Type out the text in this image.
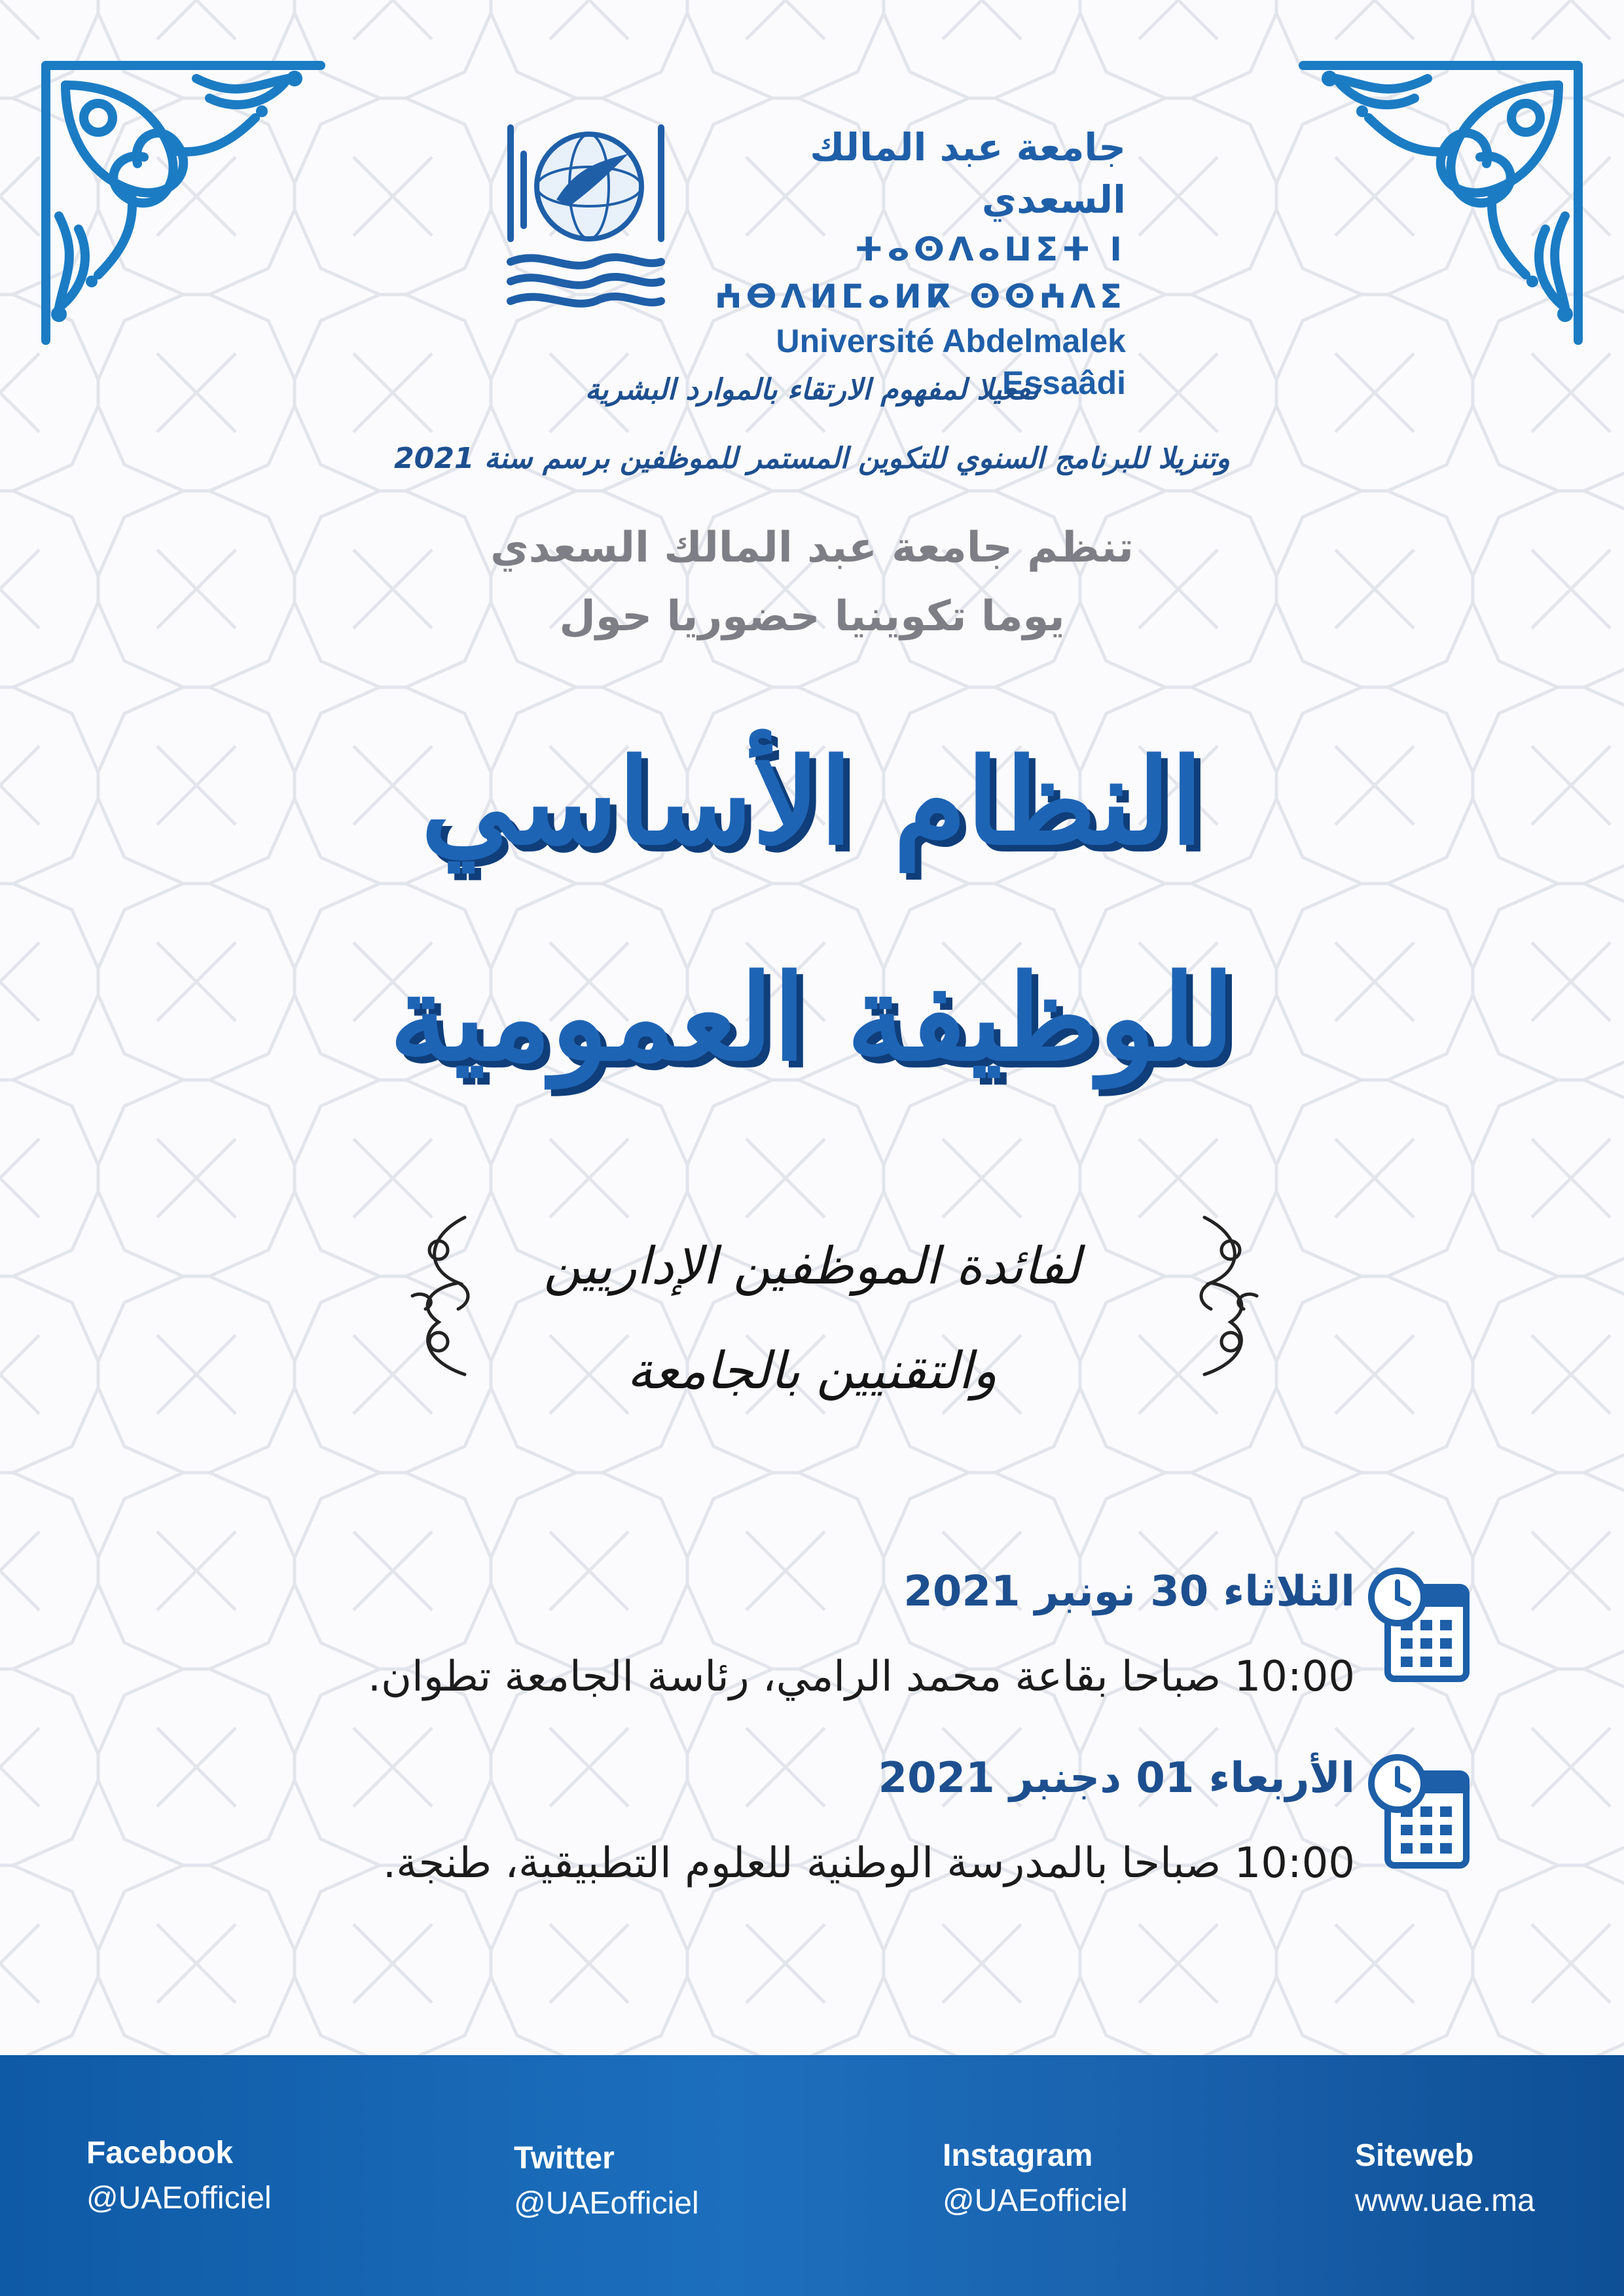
جامعة عبد المالك السعدي
ⵜⴰⵙⴷⴰⵡⵉⵜ ⵏ ⵄⴱⴷⵍⵎⴰⵍⴽ ⵙⵙⵄⴷⵉ
Université Abdelmalek Essaâdi
تفعيلا لمفهوم الارتقاء بالموارد البشرية
وتنزيلا للبرنامج السنوي للتكوين المستمر للموظفين برسم سنة 2021
تنظم جامعة عبد المالك السعدي
يوما تكوينيا حضوريا حول
النظام الأساسي
للوظيفة العمومية
لفائدة الموظفين الإداريين
والتقنيين بالجامعة
الثلاثاء 30 نونبر 2021
10:00 صباحا بقاعة محمد الرامي، رئاسة الجامعة تطوان.
الأربعاء 01 دجنبر 2021
10:00 صباحا بالمدرسة الوطنية للعلوم التطبيقية، طنجة.
Facebook
@UAEofficiel
Twitter
@UAEofficiel
Instagram
@UAEofficiel
Siteweb
www.uae.ma
